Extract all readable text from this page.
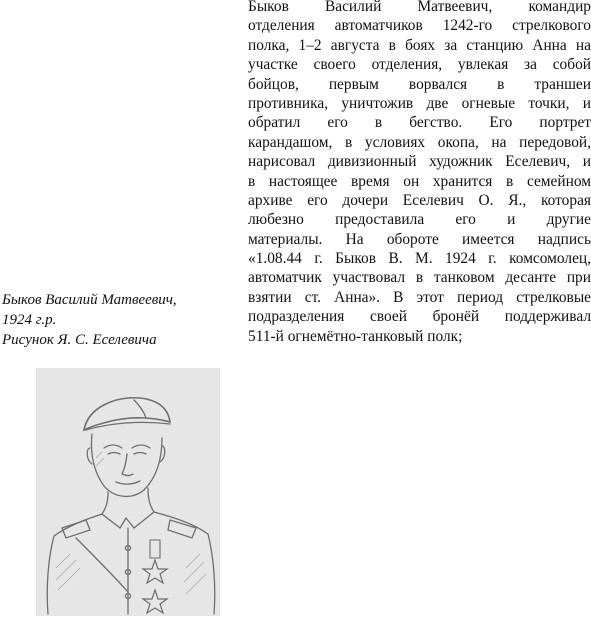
Быков Василий Матвеевич,
1924 г.р.
Рисунок Я. С. Еселевича
Быков Василий Матвеевич, командир
отделения автоматчиков 1242-го стрелкового
полка, 1–2 августа в боях за станцию Анна на
участке своего отделения, увлекая за собой
бойцов, первым ворвался в траншеи
противника, уничтожив две огневые точки, и
обратил его в бегство. Его портрет
карандашом, в условиях окопа, на передовой,
нарисовал дивизионный художник Еселевич, и
в настоящее время он хранится в семейном
архиве его дочери Еселевич О. Я., которая
любезно предоставила его и другие
материалы. На обороте имеется надпись
«1.08.44 г. Быков В. М. 1924 г. комсомолец,
автоматчик участвовал в танковом десанте при
взятии ст. Анна». В этот период стрелковые
подразделения своей бронёй поддерживал
511-й огнемётно-танковый полк;
